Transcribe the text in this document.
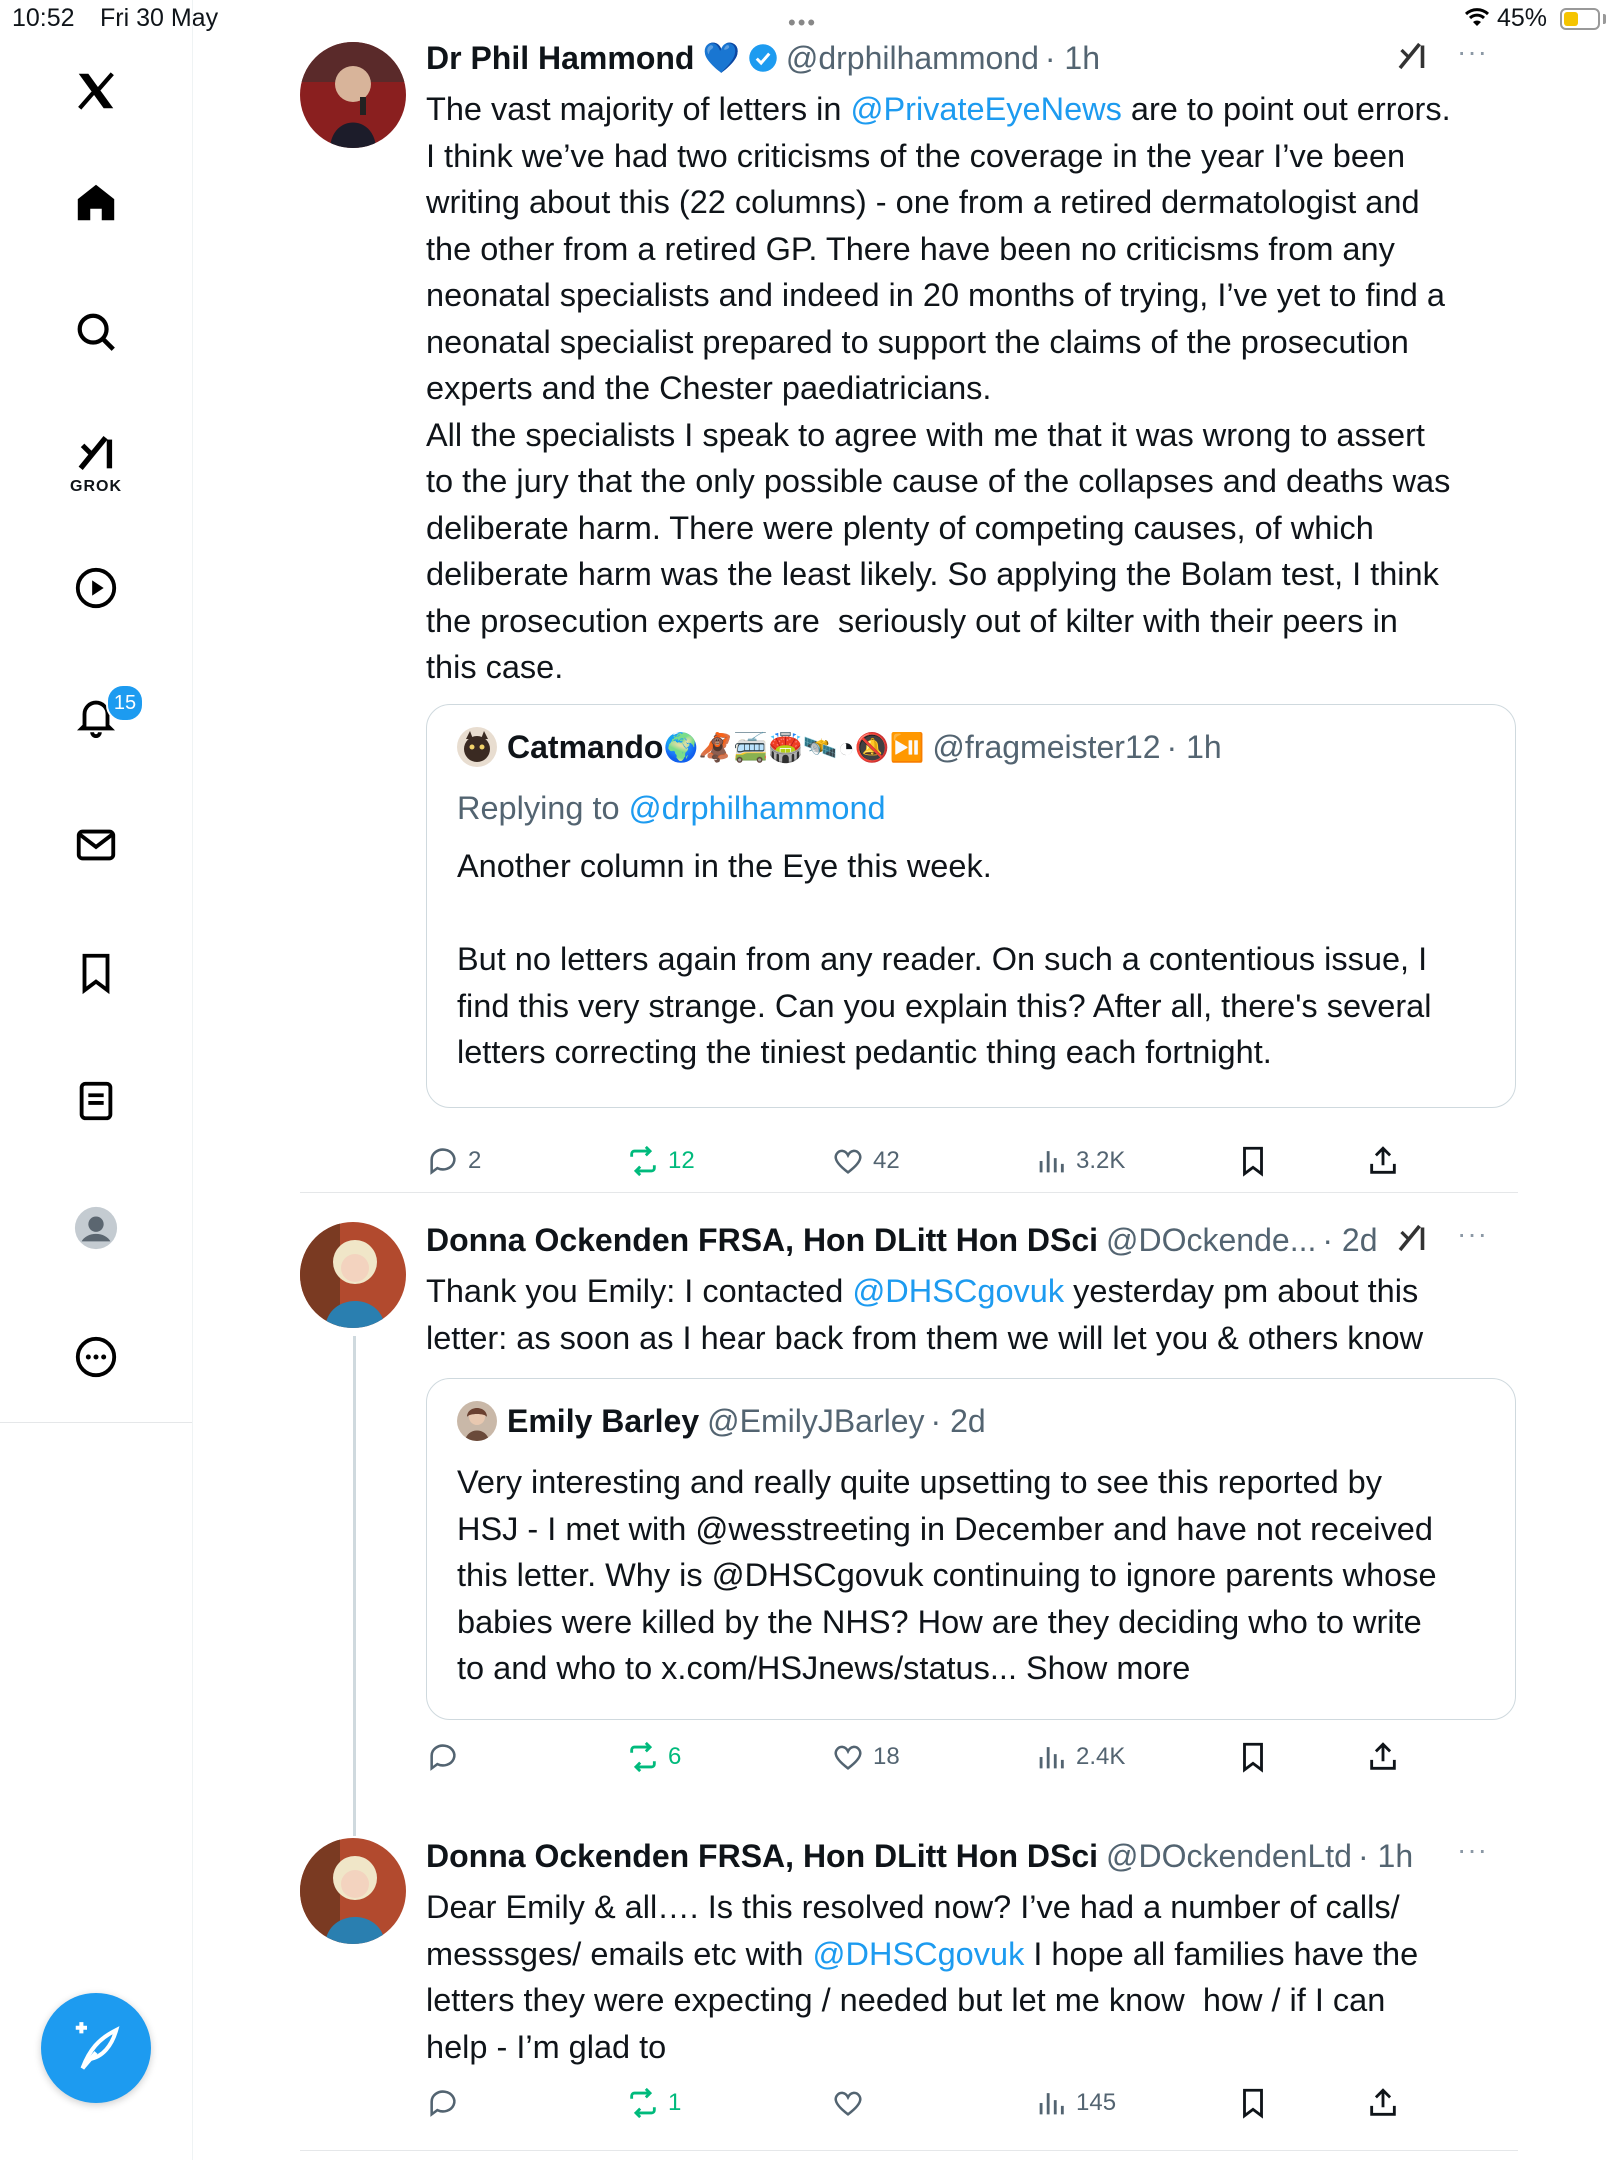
10:52 Fri 30 May	•••	45%
GROK
15
Dr Phil Hammond 💙 @drphilhammond · 1h	···
The vast majority of letters in @PrivateEyeNews are to point out errors.
I think we’ve had two criticisms of the coverage in the year I’ve been
writing about this (22 columns) - one from a retired dermatologist and
the other from a retired GP. There have been no criticisms from any
neonatal specialists and indeed in 20 months of trying, I’ve yet to find a
neonatal specialist prepared to support the claims of the prosecution
experts and the Chester paediatricians.
All the specialists I speak to agree with me that it was wrong to assert
to the jury that the only possible cause of the collapses and deaths was
deliberate harm. There were plenty of competing causes, of which
deliberate harm was the least likely. So applying the Bolam test, I think
the prosecution experts are  seriously out of kilter with their peers in
this case.
Catmando 🌍🦧🚎🏟️🛰️◔🔕⏯️ @fragmeister12 · 1h
Replying to @drphilhammond
Another column in the Eye this week.

But no letters again from any reader. On such a contentious issue, I
find this very strange. Can you explain this? After all, there's several
letters correcting the tiniest pedantic thing each fortnight.
2	12	42	3.2K
Donna Ockenden FRSA, Hon DLitt Hon DSci @DOckende... · 2d	···
Thank you Emily: I contacted @DHSCgovuk yesterday pm about this
letter: as soon as I hear back from them we will let you & others know
Emily Barley @EmilyJBarley · 2d
Very interesting and really quite upsetting to see this reported by
HSJ - I met with @wesstreeting in December and have not received
this letter. Why is @DHSCgovuk continuing to ignore parents whose
babies were killed by the NHS? How are they deciding who to write
to and who to x.com/HSJnews/status... Show more
6	18	2.4K
Donna Ockenden FRSA, Hon DLitt Hon DSci @DOckendenLtd · 1h ···
Dear Emily & all…. Is this resolved now? I’ve had a number of calls/
messsges/ emails etc with @DHSCgovuk I hope all families have the
letters they were expecting / needed but let me know  how / if I can
help - I’m glad to
1	145
